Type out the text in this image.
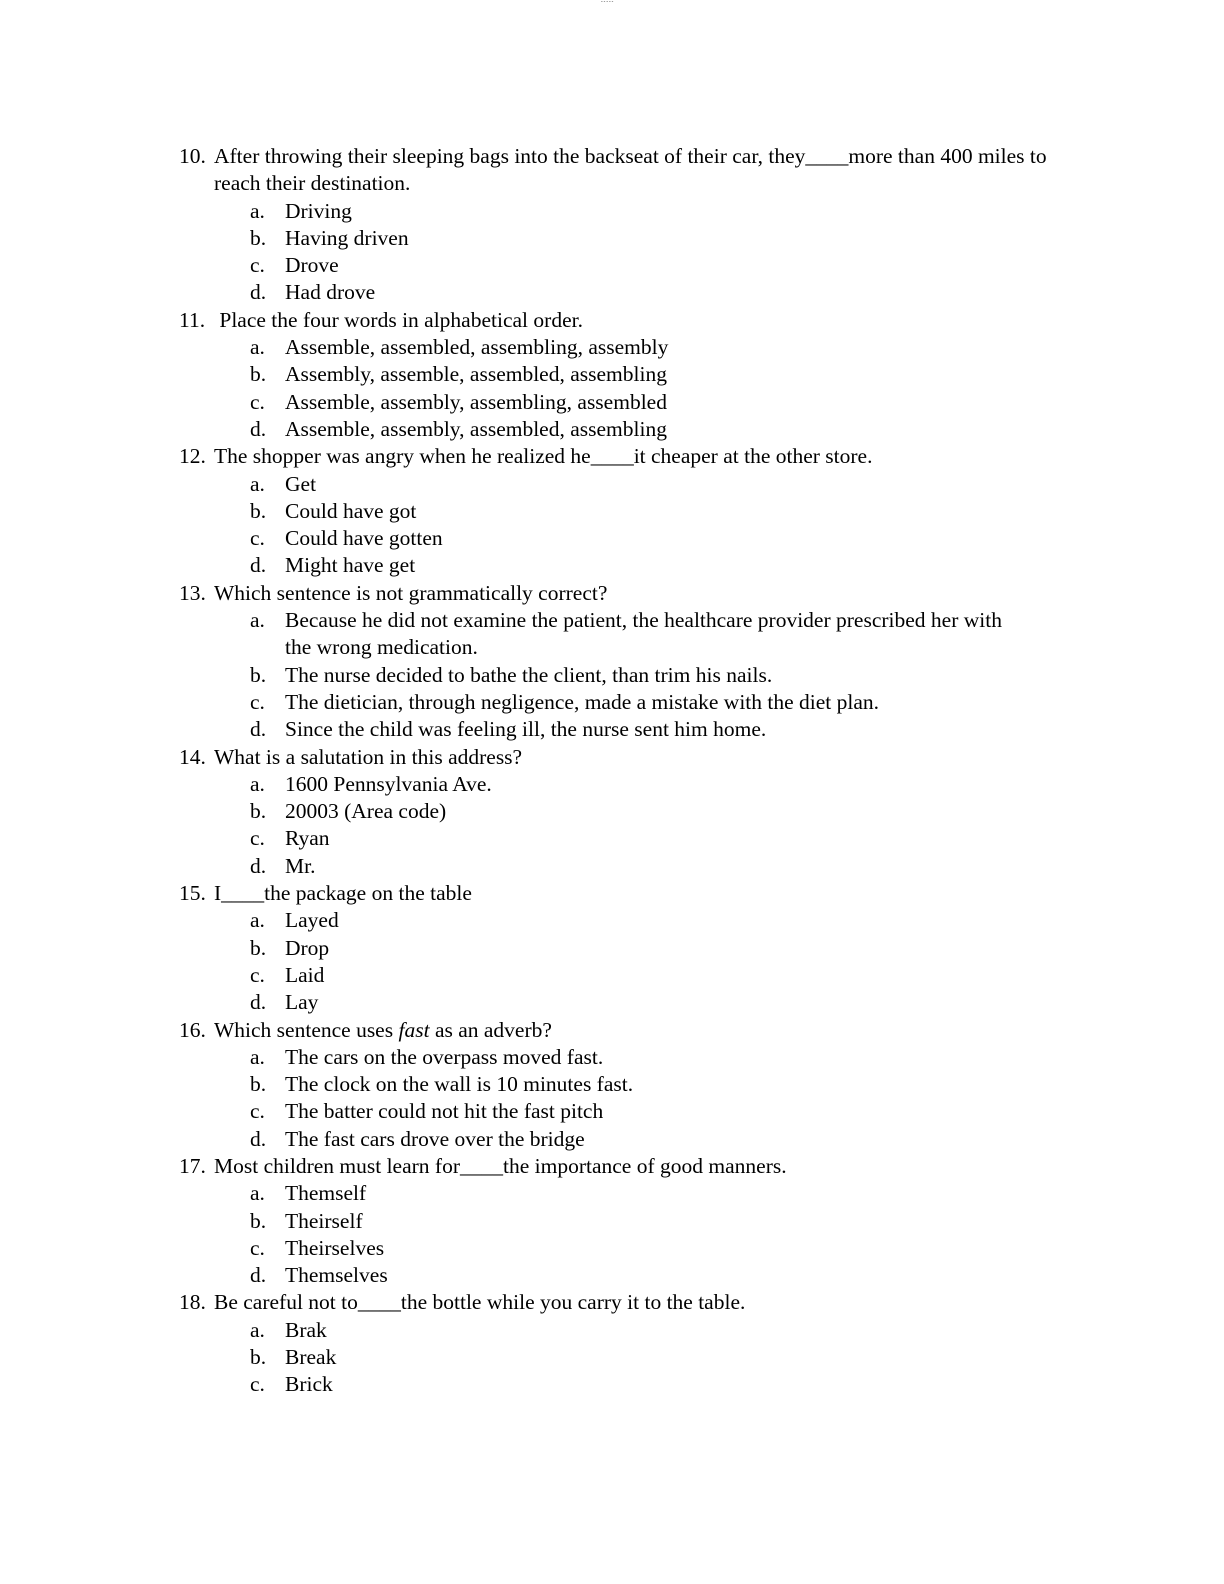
-----
10. After throwing their sleeping bags into the backseat of their car, they____more than 400 miles to reach their destination.
a. Driving
b. Having driven
c. Drove
d. Had drove
11. Place the four words in alphabetical order.
a. Assemble, assembled, assembling, assembly
b. Assembly, assemble, assembled, assembling
c. Assemble, assembly, assembling, assembled
d. Assemble, assembly, assembled, assembling
12. The shopper was angry when he realized he____it cheaper at the other store.
a. Get
b. Could have got
c. Could have gotten
d. Might have get
13. Which sentence is not grammatically correct?
a. Because he did not examine the patient, the healthcare provider prescribed her with the wrong medication.
b. The nurse decided to bathe the client, than trim his nails.
c. The dietician, through negligence, made a mistake with the diet plan.
d. Since the child was feeling ill, the nurse sent him home.
14. What is a salutation in this address?
a. 1600 Pennsylvania Ave.
b. 20003 (Area code)
c. Ryan
d. Mr.
15. I____the package on the table
a. Layed
b. Drop
c. Laid
d. Lay
16. Which sentence uses fast as an adverb?
a. The cars on the overpass moved fast.
b. The clock on the wall is 10 minutes fast.
c. The batter could not hit the fast pitch
d. The fast cars drove over the bridge
17. Most children must learn for____the importance of good manners.
a. Themself
b. Theirself
c. Theirselves
d. Themselves
18. Be careful not to____the bottle while you carry it to the table.
a. Brak
b. Break
c. Brick
